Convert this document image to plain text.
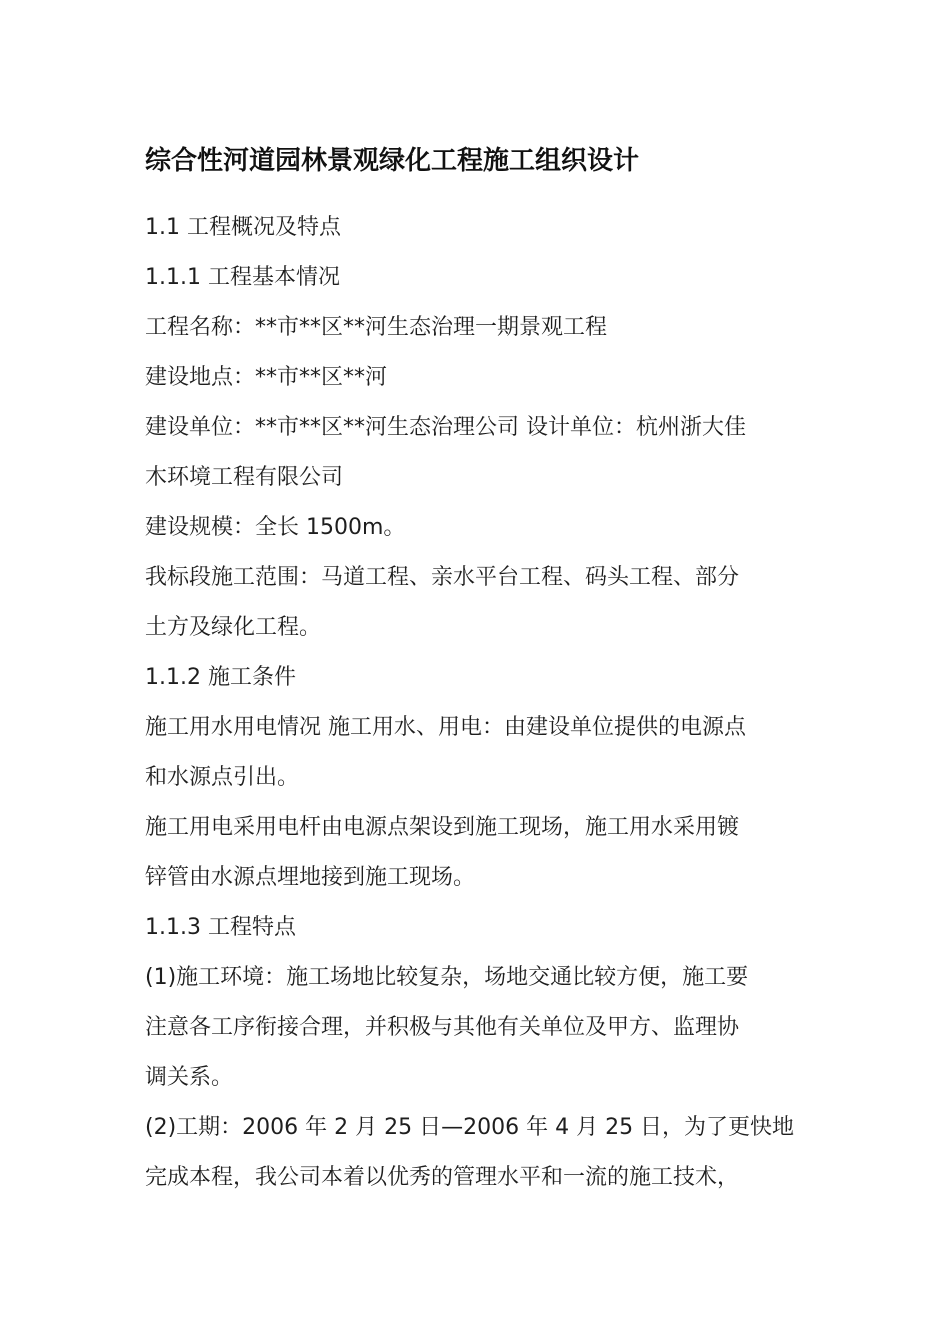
综合性河道园林景观绿化工程施工组织设计
1.1 工程概况及特点
1.1.1 工程基本情况
工程名称：**市**区**河生态治理一期景观工程
建设地点：**市**区**河
建设单位：**市**区**河生态治理公司 设计单位：杭州浙大佳
木环境工程有限公司
建设规模：全长 1500m。
我标段施工范围：马道工程、亲水平台工程、码头工程、部分
土方及绿化工程。
1.1.2 施工条件
施工用水用电情况 施工用水、用电：由建设单位提供的电源点
和水源点引出。
施工用电采用电杆由电源点架设到施工现场，施工用水采用镀
锌管由水源点埋地接到施工现场。
1.1.3 工程特点
(1)施工环境：施工场地比较复杂，场地交通比较方便，施工要
注意各工序衔接合理，并积极与其他有关单位及甲方、监理协
调关系。
(2)工期：2006 年 2 月 25 日—2006 年 4 月 25 日，为了更快地
完成本程，我公司本着以优秀的管理水平和一流的施工技术，
